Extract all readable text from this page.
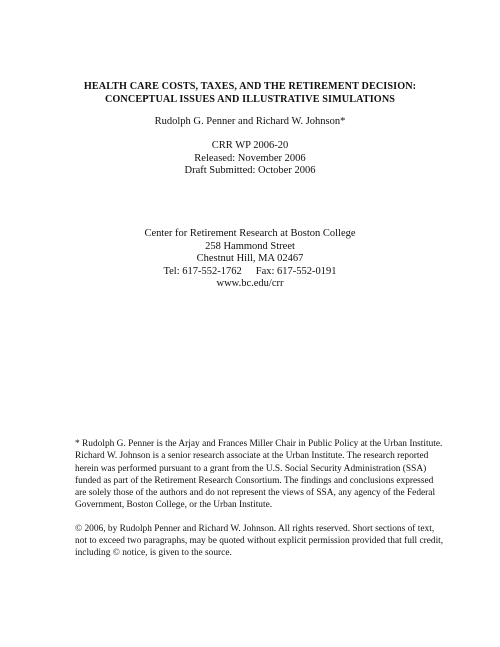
HEALTH CARE COSTS, TAXES, AND THE RETIREMENT DECISION:
CONCEPTUAL ISSUES AND ILLUSTRATIVE SIMULATIONS
Rudolph G. Penner and Richard W. Johnson*
CRR WP 2006-20
Released: November 2006
Draft Submitted: October 2006
Center for Retirement Research at Boston College
258 Hammond Street
Chestnut Hill, MA 02467
Tel: 617-552-1762 Fax: 617-552-0191
www.bc.edu/crr
* Rudolph G. Penner is the Arjay and Frances Miller Chair in Public Policy at the Urban Institute.
Richard W. Johnson is a senior research associate at the Urban Institute. The research reported
herein was performed pursuant to a grant from the U.S. Social Security Administration (SSA)
funded as part of the Retirement Research Consortium. The findings and conclusions expressed
are solely those of the authors and do not represent the views of SSA, any agency of the Federal
Government, Boston College, or the Urban Institute.
© 2006, by Rudolph Penner and Richard W. Johnson. All rights reserved. Short sections of text,
not to exceed two paragraphs, may be quoted without explicit permission provided that full credit,
including © notice, is given to the source.
